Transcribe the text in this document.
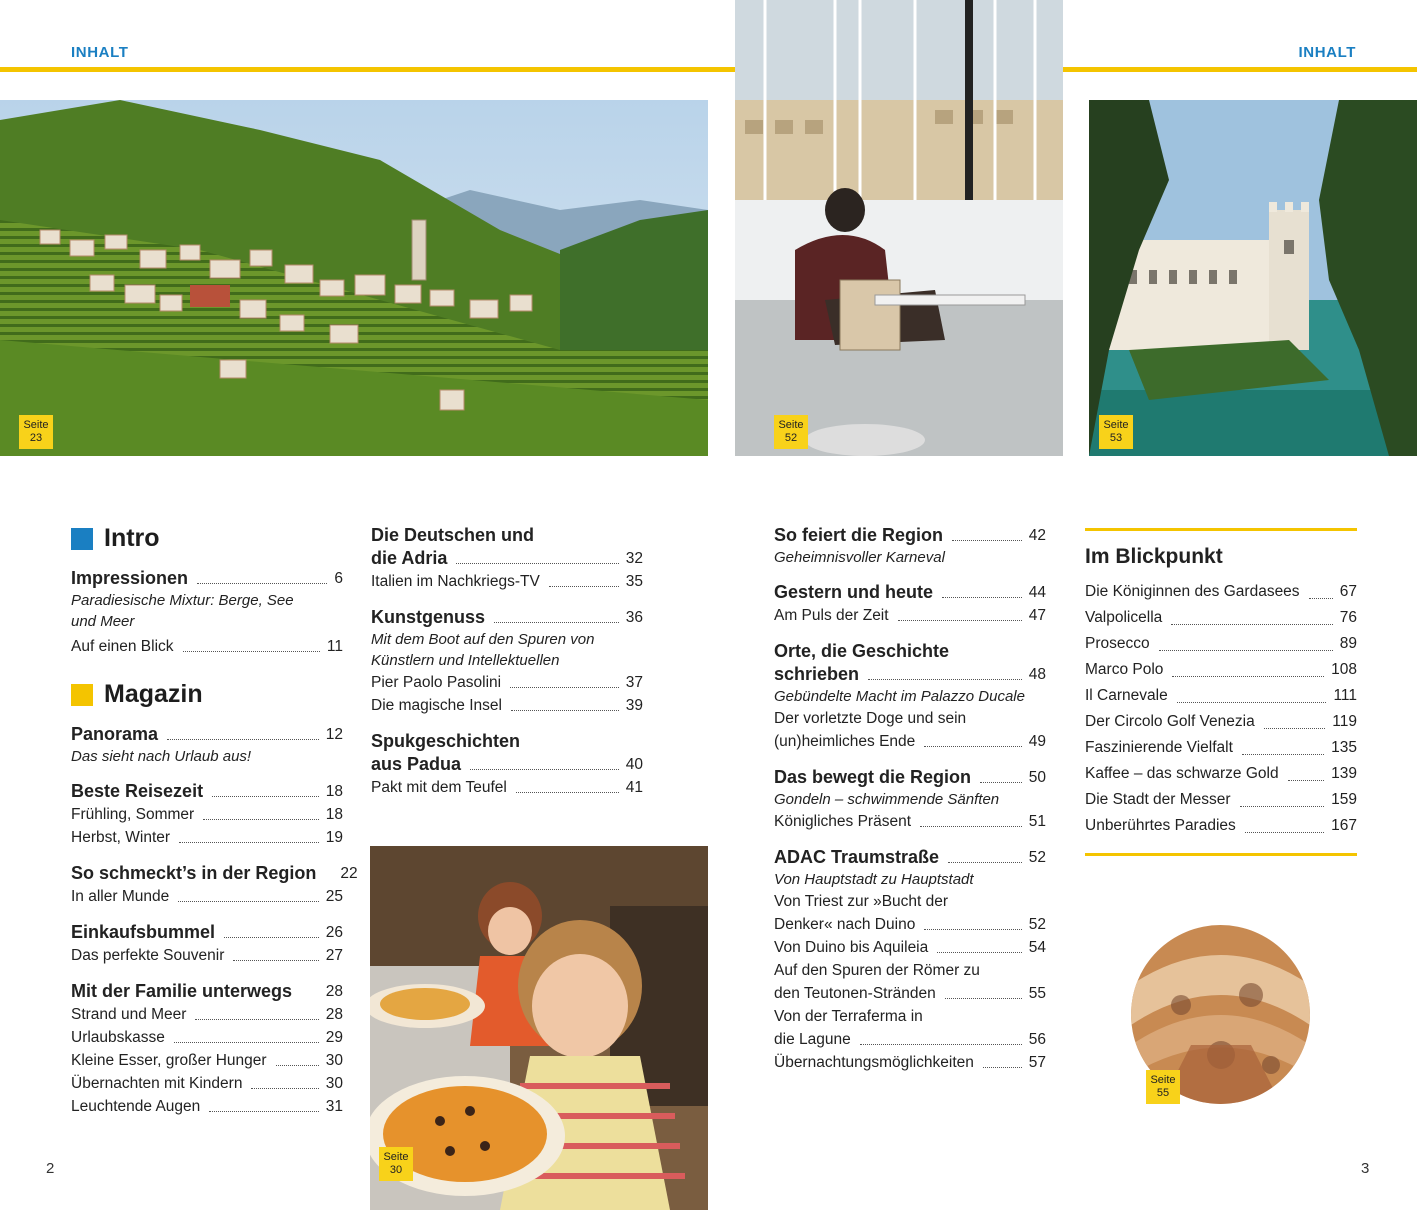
INHALT	INHALT
Seite
23
Seite
52
Seite
53
Seite
30
Seite
55
Intro
Impressionen	6
Paradiesische Mixtur: Berge, See und Meer
Auf einen Blick	11
Magazin
Panorama	12
Das sieht nach Urlaub aus!
Beste Reisezeit	18
Frühling, Sommer	18
Herbst, Winter	19
So schmeckt’s in der Region 22
In aller Munde	25
Einkaufsbummel	26
Das perfekte Souvenir	27
Mit der Familie unterwegs 28
Strand und Meer	28
Urlaubskasse	29
Kleine Esser, großer Hunger	30
Übernachten mit Kindern	30
Leuchtende Augen	31
Die Deutschen und
die Adria	32
Italien im Nachkriegs-TV	35
Kunstgenuss	36
Mit dem Boot auf den Spuren von Künstlern und Intellektuellen
Pier Paolo Pasolini	37
Die magische Insel	39
Spukgeschichten
aus Padua	40
Pakt mit dem Teufel	41
So feiert die Region	42
Geheimnisvoller Karneval
Gestern und heute	44
Am Puls der Zeit	47
Orte, die Geschichte
schrieben	48
Gebündelte Macht im Palazzo Ducale
Der vorletzte Doge und sein
(un)heimliches Ende	49
Das bewegt die Region	50
Gondeln – schwimmende Sänften
Königliches Präsent	51
ADAC Traumstraße	52
Von Hauptstadt zu Hauptstadt
Von Triest zur »Bucht der
Denker« nach Duino	52
Von Duino bis Aquileia	54
Auf den Spuren der Römer zu
den Teutonen-Stränden	55
Von der Terraferma in
die Lagune	56
Übernachtungsmöglichkeiten	57
Im Blickpunkt
Die Königinnen des Gardasees	67
Valpolicella	76
Prosecco	89
Marco Polo	108
Il Carnevale	111
Der Circolo Golf Venezia	119
Faszinierende Vielfalt	135
Kaffee – das schwarze Gold	139
Die Stadt der Messer	159
Unberührtes Paradies	167
2	3
